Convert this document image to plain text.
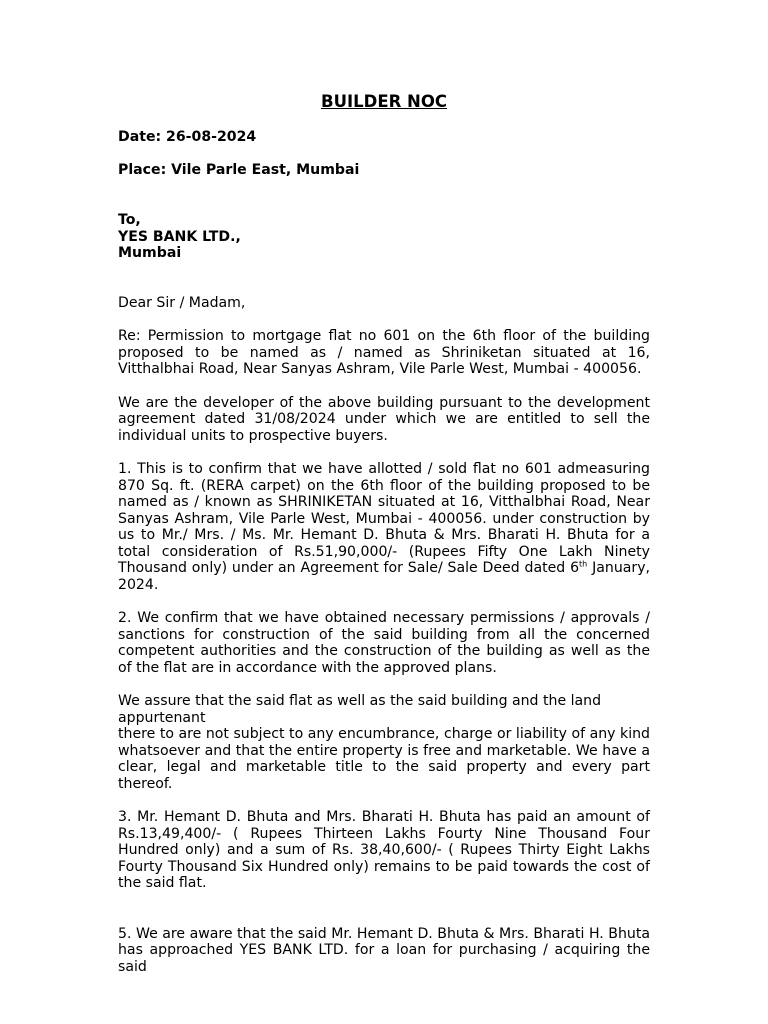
BUILDER NOC
Date: 26-08-2024
Place: Vile Parle East, Mumbai
To,
YES BANK LTD.,
Mumbai
Dear Sir / Madam,
Re: Permission to mortgage flat no 601 on the 6th floor of the building proposed to be named as / named as Shriniketan situated at 16, Vitthalbhai Road, Near Sanyas Ashram, Vile Parle West, Mumbai - 400056.
We are the developer of the above building pursuant to the development agreement dated 31/08/2024 under which we are entitled to sell the individual units to prospective buyers.
1. This is to confirm that we have allotted / sold flat no 601 admeasuring 870 Sq. ft. (RERA carpet) on the 6th floor of the building proposed to be named as / known as SHRINIKETAN situated at 16, Vitthalbhai Road, Near Sanyas Ashram, Vile Parle West, Mumbai - 400056. under construction by us to Mr./ Mrs. / Ms. Mr. Hemant D. Bhuta & Mrs. Bharati H. Bhuta for a total consideration of Rs.51,90,000/- (Rupees Fifty One Lakh Ninety Thousand only) under an Agreement for Sale/ Sale Deed dated 6th January, 2024.
2. We confirm that we have obtained necessary permissions / approvals / sanctions for construction of the said building from all the concerned competent authorities and the construction of the building as well as the of the flat are in accordance with the approved plans.
We assure that the said flat as well as the said building and the land appurtenant
there to are not subject to any encumbrance, charge or liability of any kind whatsoever and that the entire property is free and marketable. We have a clear, legal and marketable title to the said property and every part thereof.
3. Mr. Hemant D. Bhuta and Mrs. Bharati H. Bhuta has paid an amount of Rs.13,49,400/- ( Rupees Thirteen Lakhs Fourty Nine Thousand Four Hundred only) and a sum of Rs. 38,40,600/- ( Rupees Thirty Eight Lakhs Fourty Thousand Six Hundred only) remains to be paid towards the cost of the said flat.
5. We are aware that the said Mr. Hemant D. Bhuta & Mrs. Bharati H. Bhuta has approached YES BANK LTD. for a loan for purchasing / acquiring the said
